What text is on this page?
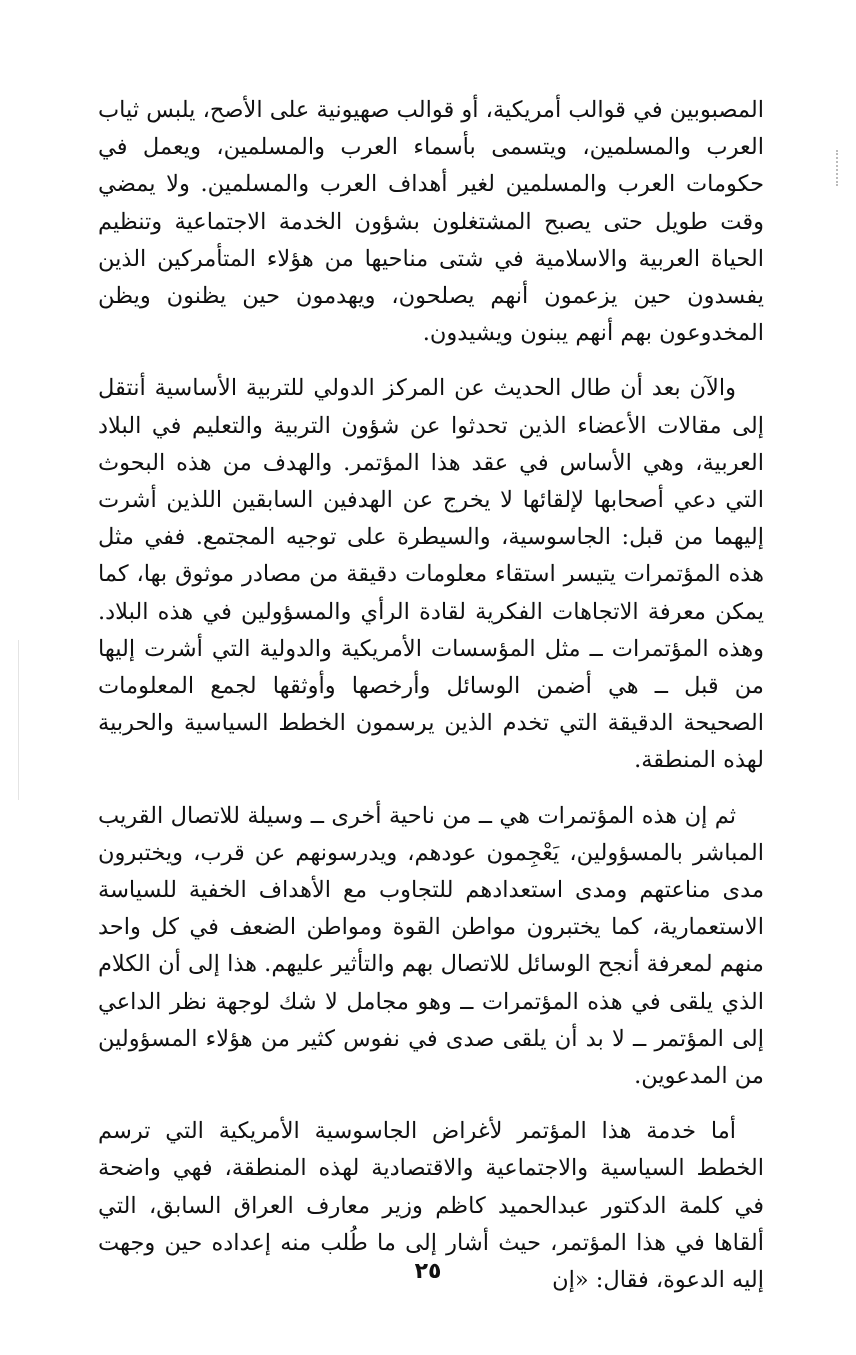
المصبوبين في قوالب أمريكية، أو قوالب صهيونية على الأصح، يلبس ثياب العرب والمسلمين، ويتسمى بأسماء العرب والمسلمين، ويعمل في حكومات العرب والمسلمين لغير أهداف العرب والمسلمين. ولا يمضي وقت طويل حتى يصبح المشتغلون بشؤون الخدمة الاجتماعية وتنظيم الحياة العربية والاسلامية في شتى مناحيها من هؤلاء المتأمركين الذين يفسدون حين يزعمون أنهم يصلحون، ويهدمون حين يظنون ويظن المخدوعون بهم أنهم يبنون ويشيدون.

والآن بعد أن طال الحديث عن المركز الدولي للتربية الأساسية أنتقل إلى مقالات الأعضاء الذين تحدثوا عن شؤون التربية والتعليم في البلاد العربية، وهي الأساس في عقد هذا المؤتمر. والهدف من هذه البحوث التي دعي أصحابها لإلقائها لا يخرج عن الهدفين السابقين اللذين أشرت إليهما من قبل: الجاسوسية، والسيطرة على توجيه المجتمع. ففي مثل هذه المؤتمرات يتيسر استقاء معلومات دقيقة من مصادر موثوق بها، كما يمكن معرفة الاتجاهات الفكرية لقادة الرأي والمسؤولين في هذه البلاد. وهذه المؤتمرات ــ مثل المؤسسات الأمريكية والدولية التي أشرت إليها من قبل ــ هي أضمن الوسائل وأرخصها وأوثقها لجمع المعلومات الصحيحة الدقيقة التي تخدم الذين يرسمون الخطط السياسية والحربية لهذه المنطقة.

ثم إن هذه المؤتمرات هي ــ من ناحية أخرى ــ وسيلة للاتصال القريب المباشر بالمسؤولين، يَعْجِمون عودهم، ويدرسونهم عن قرب، ويختبرون مدى مناعتهم ومدى استعدادهم للتجاوب مع الأهداف الخفية للسياسة الاستعمارية، كما يختبرون مواطن القوة ومواطن الضعف في كل واحد منهم لمعرفة أنجح الوسائل للاتصال بهم والتأثير عليهم. هذا إلى أن الكلام الذي يلقى في هذه المؤتمرات ــ وهو مجامل لا شك لوجهة نظر الداعي إلى المؤتمر ــ لا بد أن يلقى صدى في نفوس كثير من هؤلاء المسؤولين من المدعوين.

أما خدمة هذا المؤتمر لأغراض الجاسوسية الأمريكية التي ترسم الخطط السياسية والاجتماعية والاقتصادية لهذه المنطقة، فهي واضحة في كلمة الدكتور عبدالحميد كاظم وزير معارف العراق السابق، التي ألقاها في هذا المؤتمر، حيث أشار إلى ما طُلب منه إعداده حين وجهت إليه الدعوة، فقال: «إن

٢٥
